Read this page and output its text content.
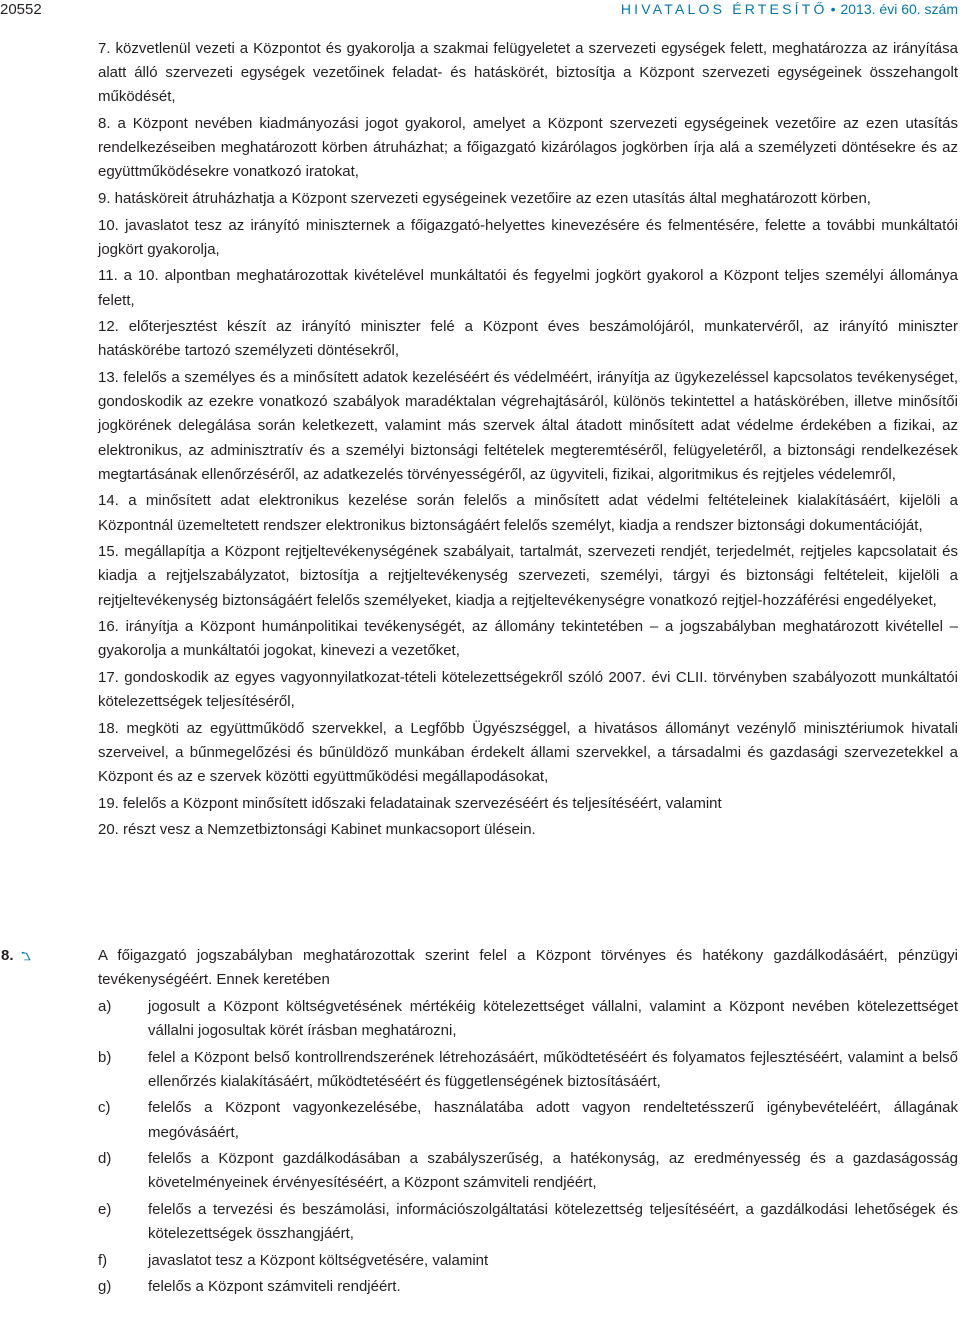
20552	HIVATALOS ÉRTESÍTŐ • 2013. évi 60. szám

7. közvetlenül vezeti a Központot és gyakorolja a szakmai felügyeletet a szervezeti egységek felett, meghatározza az irányítása alatt álló szervezeti egységek vezetőinek feladat- és hatáskörét, biztosítja a Központ szervezeti egységeinek összehangolt működését,

8. a Központ nevében kiadmányozási jogot gyakorol, amelyet a Központ szervezeti egységeinek vezetőire az ezen utasítás rendelkezéseiben meghatározott körben átruházhat; a főigazgató kizárólagos jogkörben írja alá a személyzeti döntésekre és az együttműködésekre vonatkozó iratokat,

9. hatásköreit átruházhatja a Központ szervezeti egységeinek vezetőire az ezen utasítás által meghatározott körben,

10. javaslatot tesz az irányító miniszternek a főigazgató-helyettes kinevezésére és felmentésére, felette a további munkáltatói jogkört gyakorolja,

11. a 10. alpontban meghatározottak kivételével munkáltatói és fegyelmi jogkört gyakorol a Központ teljes személyi állománya felett,

12. előterjesztést készít az irányító miniszter felé a Központ éves beszámolójáról, munkatervéről, az irányító miniszter hatáskörébe tartozó személyzeti döntésekről,

13. felelős a személyes és a minősített adatok kezeléséért és védelméért, irányítja az ügykezeléssel kapcsolatos tevékenységet, gondoskodik az ezekre vonatkozó szabályok maradéktalan végrehajtásáról, különös tekintettel a hatáskörében, illetve minősítői jogkörének delegálása során keletkezett, valamint más szervek által átadott minősített adat védelme érdekében a fizikai, az elektronikus, az adminisztratív és a személyi biztonsági feltételek megteremtéséről, felügyeletéről, a biztonsági rendelkezések megtartásának ellenőrzéséről, az adatkezelés törvényességéről, az ügyviteli, fizikai, algoritmikus és rejtjeles védelemről,

14. a minősített adat elektronikus kezelése során felelős a minősített adat védelmi feltételeinek kialakításáért, kijelöli a Központnál üzemeltetett rendszer elektronikus biztonságáért felelős személyt, kiadja a rendszer biztonsági dokumentációját,

15. megállapítja a Központ rejtjeltevékenységének szabályait, tartalmát, szervezeti rendjét, terjedelmét, rejtjeles kapcsolatait és kiadja a rejtjelszabályzatot, biztosítja a rejtjeltevékenység szervezeti, személyi, tárgyi és biztonsági feltételeit, kijelöli a rejtjeltevékenység biztonságáért felelős személyeket, kiadja a rejtjeltevékenységre vonatkozó rejtjel-hozzáférési engedélyeket,

16. irányítja a Központ humánpolitikai tevékenységét, az állomány tekintetében – a jogszabályban meghatározott kivétellel – gyakorolja a munkáltatói jogokat, kinevezi a vezetőket,

17. gondoskodik az egyes vagyonnyilatkozat-tételi kötelezettségekről szóló 2007. évi CLII. törvényben szabályozott munkáltatói kötelezettségek teljesítéséről,

18. megköti az együttműködő szervekkel, a Legfőbb Ügyészséggel, a hivatásos állományt vezénylő minisztériumok hivatali szerveivel, a bűnmegelőzési és bűnüldöző munkában érdekelt állami szervekkel, a társadalmi és gazdasági szervezetekkel a Központ és az e szervek közötti együttműködési megállapodásokat,

19. felelős a Központ minősített időszaki feladatainak szervezéséért és teljesítéséért, valamint

20. részt vesz a Nemzetbiztonsági Kabinet munkacsoport ülésein.

8.	A főigazgató jogszabályban meghatározottak szerint felel a Központ törvényes és hatékony gazdálkodásáért, pénzügyi tevékenységéért. Ennek keretében

a) jogosult a Központ költségvetésének mértékéig kötelezettséget vállalni, valamint a Központ nevében kötelezettséget vállalni jogosultak körét írásban meghatározni,
b) felel a Központ belső kontrollrendszerének létrehozásáért, működtetéséért és folyamatos fejlesztéséért, valamint a belső ellenőrzés kialakításáért, működtetéséért és függetlenségének biztosításáért,
c)	felelős a Központ vagyonkezelésébe, használatába adott vagyon rendeltetésszerű igénybevételéért, állagának megóvásáért,
d) felelős a Központ gazdálkodásában a szabályszerűség, a hatékonyság, az eredményesség és a gazdaságosság követelményeinek érvényesítéséért, a Központ számviteli rendjéért,
e) felelős a tervezési és beszámolási, információszolgáltatási kötelezettség teljesítéséért, a gazdálkodási lehetőségek és kötelezettségek összhangjáért,
f)	javaslatot tesz a Központ költségvetésére, valamint
g) felelős a Központ számviteli rendjéért.
